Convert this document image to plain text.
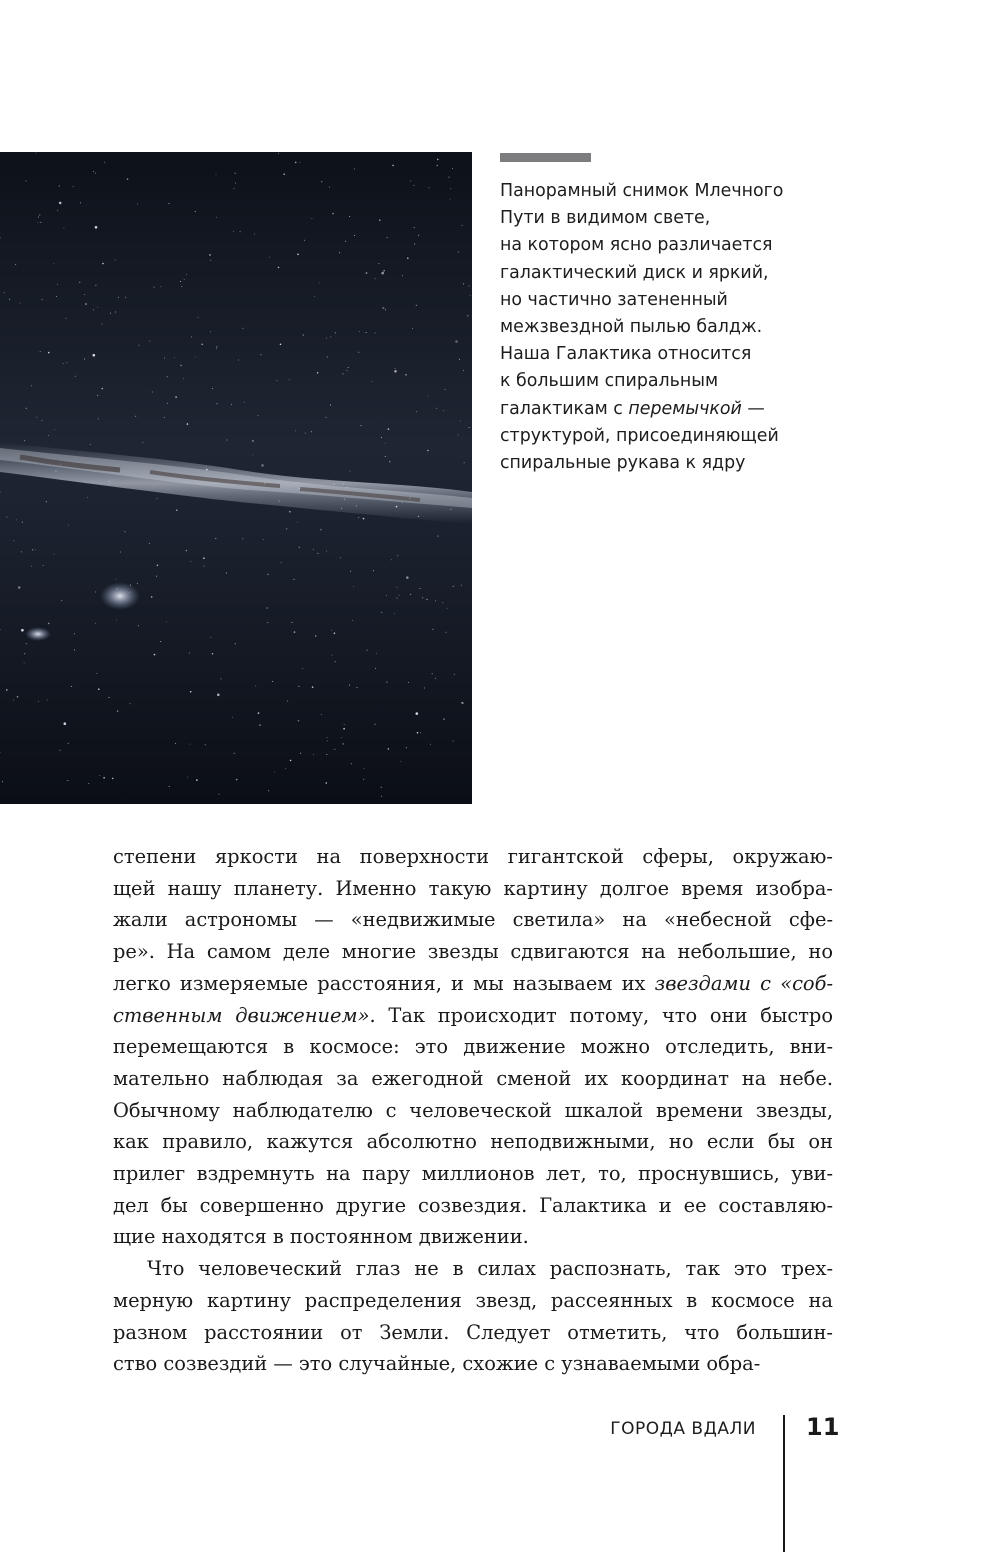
Панорамный снимок Млечного
Пути в видимом свете,
на котором ясно различается
галактический диск и яркий,
но частично затененный
межзвездной пылью балдж.
Наша Галактика относится
к большим спиральным
галактикам с перемычкой —
структурой, присоединяющей
спиральные рукава к ядру
степени яркости на поверхности гигантской сферы, окружаю-
щей нашу планету. Именно такую картину долгое время изобра-
жали астрономы — «недвижимые светила» на «небесной сфе-
ре». На самом деле многие звезды сдвигаются на небольшие, но
легко измеряемые расстояния, и мы называем их звездами с «соб-
ственным движением». Так происходит потому, что они быстро
перемещаются в космосе: это движение можно отследить, вни-
мательно наблюдая за ежегодной сменой их координат на небе.
Обычному наблюдателю с человеческой шкалой времени звезды,
как правило, кажутся абсолютно неподвижными, но если бы он
прилег вздремнуть на пару миллионов лет, то, проснувшись, уви-
дел бы совершенно другие созвездия. Галактика и ее составляю-
щие находятся в постоянном движении.
Что человеческий глаз не в силах распознать, так это трех-
мерную картину распределения звезд, рассеянных в космосе на
разном расстоянии от Земли. Следует отметить, что большин-
ство созвездий — это случайные, схожие с узнаваемыми обра-
ГОРОДА ВДАЛИ 11
